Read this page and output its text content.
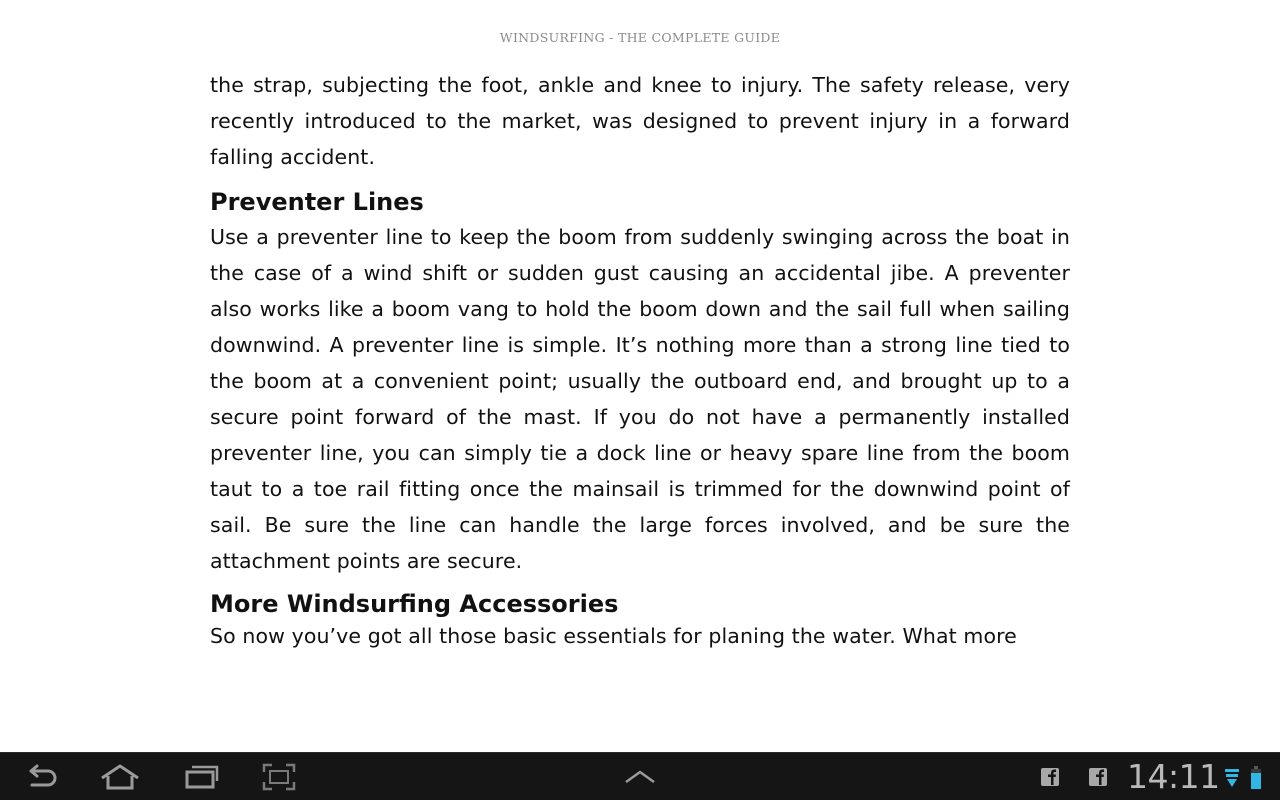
WINDSURFING - THE COMPLETE GUIDE

the strap, subjecting the foot, ankle and knee to injury. The safety release, very recently introduced to the market, was designed to prevent injury in a forward falling accident.

Preventer Lines

Use a preventer line to keep the boom from suddenly swinging across the boat in the case of a wind shift or sudden gust causing an accidental jibe. A preventer also works like a boom vang to hold the boom down and the sail full when sailing downwind. A preventer line is simple. It’s nothing more than a strong line tied to the boom at a convenient point; usually the outboard end, and brought up to a secure point forward of the mast. If you do not have a permanently installed preventer line, you can simply tie a dock line or heavy spare line from the boom taut to a toe rail fitting once the mainsail is trimmed for the downwind point of sail. Be sure the line can handle the large forces involved, and be sure the attachment points are secure.

More Windsurfing Accessories

So now you’ve got all those basic essentials for planing the water. What more

14:11
